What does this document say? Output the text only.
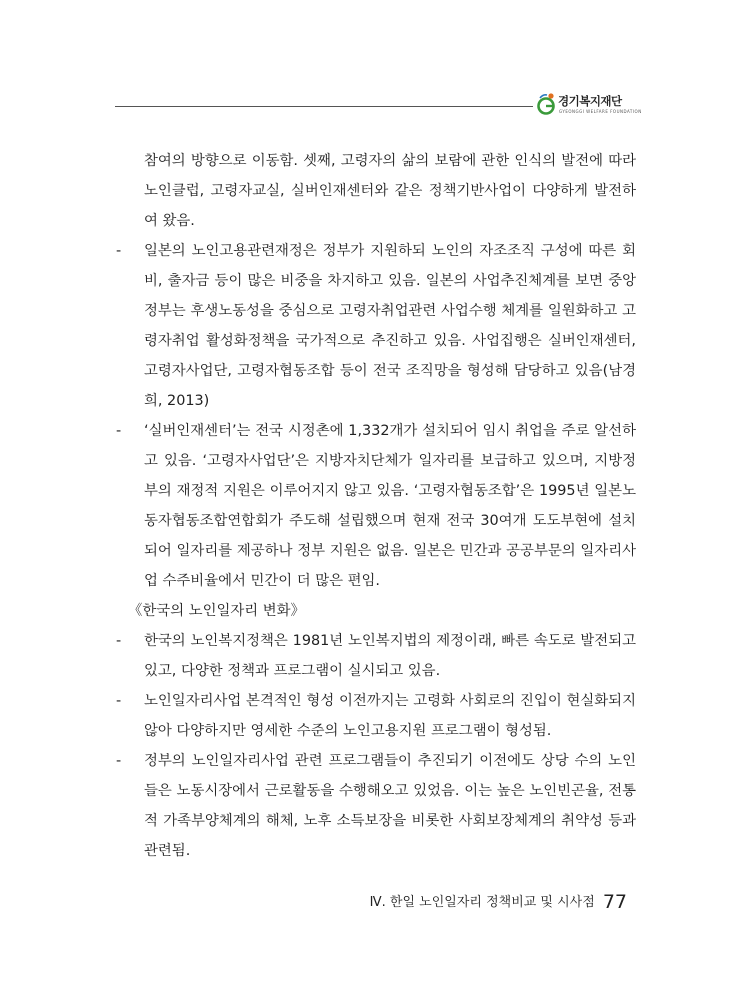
경기복지재단
GYEONGGI WELFARE FOUNDATION
참여의 방향으로 이동함. 셋째, 고령자의 삶의 보람에 관한 인식의 발전에 따라 노인클럽, 고령자교실, 실버인재센터와 같은 정책기반사업이 다양하게 발전하여 왔음.
- 일본의 노인고용관련재정은 정부가 지원하되 노인의 자조조직 구성에 따른 회비, 출자금 등이 많은 비중을 차지하고 있음. 일본의 사업추진체계를 보면 중앙정부는 후생노동성을 중심으로 고령자취업관련 사업수행 체계를 일원화하고 고령자취업 활성화정책을 국가적으로 추진하고 있음. 사업집행은 실버인재센터, 고령자사업단, 고령자협동조합 등이 전국 조직망을 형성해 담당하고 있음(남경희, 2013)
- ‘실버인재센터’는 전국 시정촌에 1,332개가 설치되어 임시 취업을 주로 알선하고 있음. ‘고령자사업단’은 지방자치단체가 일자리를 보급하고 있으며, 지방정부의 재정적 지원은 이루어지지 않고 있음. ‘고령자협동조합’은 1995년 일본노동자협동조합연합회가 주도해 설립했으며 현재 전국 30여개 도도부현에 설치되어 일자리를 제공하나 정부 지원은 없음. 일본은 민간과 공공부문의 일자리사업 수주비율에서 민간이 더 많은 편임.
《한국의 노인일자리 변화》
- 한국의 노인복지정책은 1981년 노인복지법의 제정이래, 빠른 속도로 발전되고 있고, 다양한 정책과 프로그램이 실시되고 있음.
- 노인일자리사업 본격적인 형성 이전까지는 고령화 사회로의 진입이 현실화되지 않아 다양하지만 영세한 수준의 노인고용지원 프로그램이 형성됨.
- 정부의 노인일자리사업 관련 프로그램들이 추진되기 이전에도 상당 수의 노인들은 노동시장에서 근로활동을 수행해오고 있었음. 이는 높은 노인빈곤율, 전통적 가족부양체계의 해체, 노후 소득보장을 비롯한 사회보장체계의 취약성 등과 관련됨.
Ⅳ. 한일 노인일자리 정책비교 및 시사점 77
